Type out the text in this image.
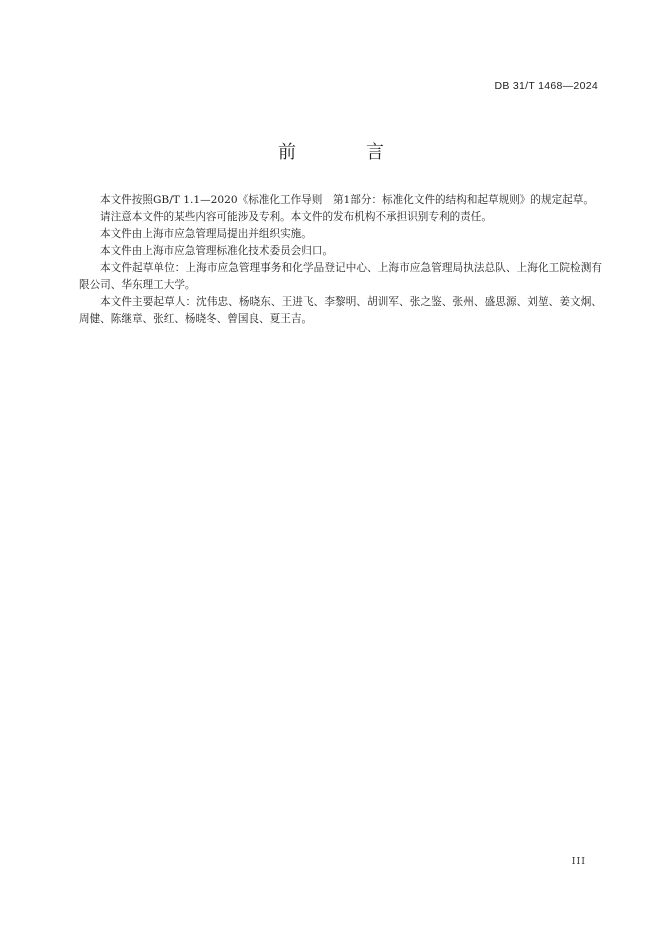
DB 31/T 1468—2024
前　言

本文件按照GB/T 1.1—2020《标准化工作导则　第1部分：标准化文件的结构和起草规则》的规定起草。

请注意本文件的某些内容可能涉及专利。本文件的发布机构不承担识别专利的责任。

本文件由上海市应急管理局提出并组织实施。

本文件由上海市应急管理标准化技术委员会归口。

本文件起草单位：上海市应急管理事务和化学品登记中心、上海市应急管理局执法总队、上海化工院检测有限公司、华东理工大学。

本文件主要起草人：沈伟忠、杨晓东、王进飞、李黎明、胡训军、张之鉴、张州、盛思源、刘堃、姜文炯、周健、陈继章、张红、杨晓冬、曾国良、夏王吉。

III
